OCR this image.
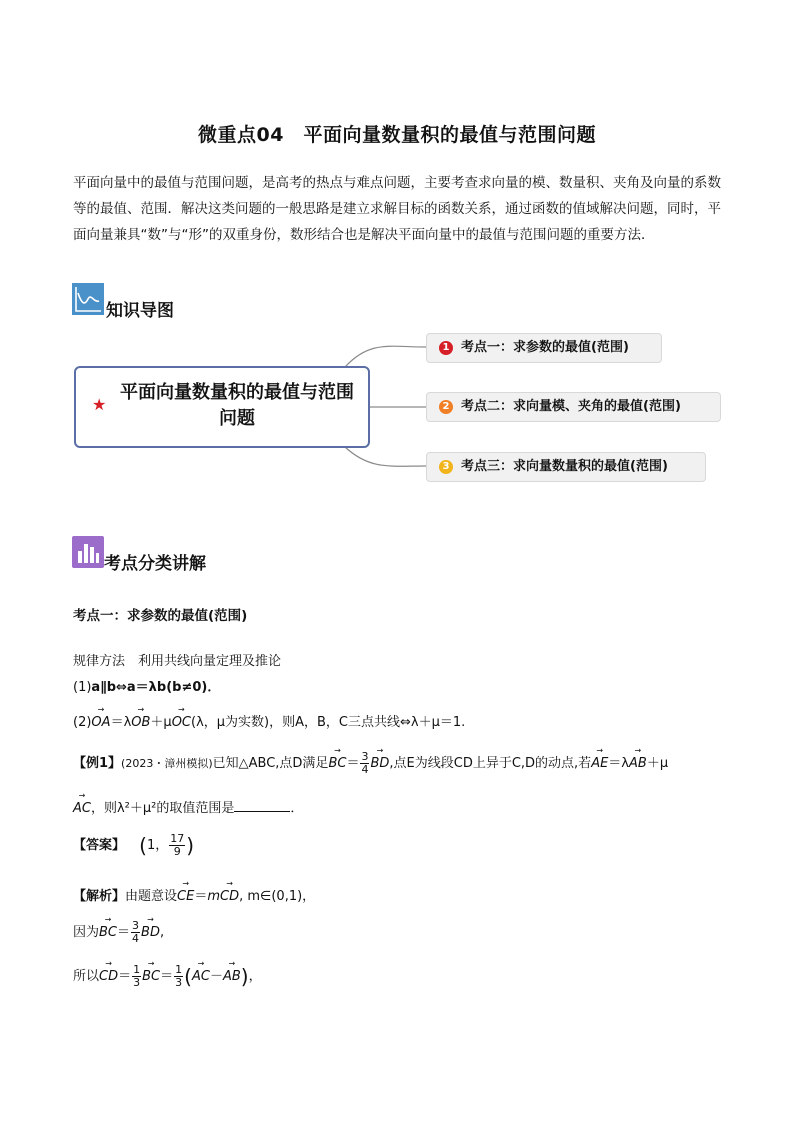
微重点04　平面向量数量积的最值与范围问题

平面向量中的最值与范围问题，是高考的热点与难点问题，主要考查求向量的模、数量积、夹角及向量的系数等的最值、范围．解决这类问题的一般思路是建立求解目标的函数关系，通过函数的值域解决问题，同时，平面向量兼具“数”与“形”的双重身份，数形结合也是解决平面向量中的最值与范围问题的重要方法．

知识导图
★
平面向量数量积的最值与范围问题
1 考点一：求参数的最值(范围)
2 考点二：求向量模、夹角的最值(范围)
3 考点三：求向量数量积的最值(范围)
考点分类讲解
考点一：求参数的最值(范围)
规律方法　利用共线向量定理及推论
(1)a∥b⇔a＝λb(b≠0)．
(2)→ OA＝λ→ OB＋μ→ OC(λ，μ为实数)，则A，B，C三点共线⇔λ＋μ＝1.
【例1】(2023・漳州模拟)已知△ABC,点D满足→ $BC= \frac{3}{4}$
→ BD,点E为线段CD上异于C,D的动点,若→ AE＝λ→ AB＋μ
→ AC，则λ²＋μ²的取值范围是	．
【答案】 (1， $\frac{17}{9}$ )
【解析】由题意设→ CE＝m→ CD, m∈(0,1)，
因为→ $BC= \frac{3}{4}$
→ BD,
所以→ $CD= \frac{1}{3}$
→ $BC= \frac{1}{3}$ (→ AC－→ AB)，
